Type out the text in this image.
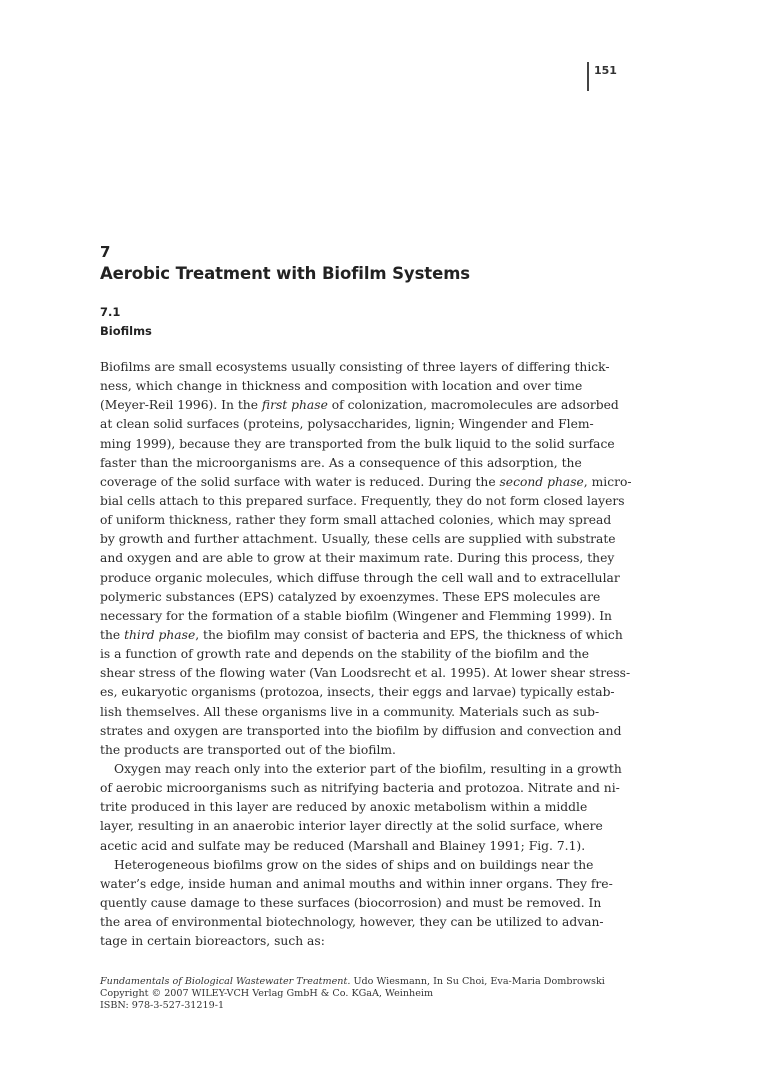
151
7
Aerobic Treatment with Biofilm Systems
7.1
Biofilms
Biofilms are small ecosystems usually consisting of three layers of differing thick-
ness, which change in thickness and composition with location and over time
(Meyer-Reil 1996). In the first phase of colonization, macromolecules are adsorbed
at clean solid surfaces (proteins, polysaccharides, lignin; Wingender and Flem-
ming 1999), because they are transported from the bulk liquid to the solid surface
faster than the microorganisms are. As a consequence of this adsorption, the
coverage of the solid surface with water is reduced. During the second phase, micro-
bial cells attach to this prepared surface. Frequently, they do not form closed layers
of uniform thickness, rather they form small attached colonies, which may spread
by growth and further attachment. Usually, these cells are supplied with substrate
and oxygen and are able to grow at their maximum rate. During this process, they
produce organic molecules, which diffuse through the cell wall and to extracellular
polymeric substances (EPS) catalyzed by exoenzymes. These EPS molecules are
necessary for the formation of a stable biofilm (Wingener and Flemming 1999). In
the third phase, the biofilm may consist of bacteria and EPS, the thickness of which
is a function of growth rate and depends on the stability of the biofilm and the
shear stress of the flowing water (Van Loodsrecht et al. 1995). At lower shear stress-
es, eukaryotic organisms (protozoa, insects, their eggs and larvae) typically estab-
lish themselves. All these organisms live in a community. Materials such as sub-
strates and oxygen are transported into the biofilm by diffusion and convection and
the products are transported out of the biofilm.
Oxygen may reach only into the exterior part of the biofilm, resulting in a growth
of aerobic microorganisms such as nitrifying bacteria and protozoa. Nitrate and ni-
trite produced in this layer are reduced by anoxic metabolism within a middle
layer, resulting in an anaerobic interior layer directly at the solid surface, where
acetic acid and sulfate may be reduced (Marshall and Blainey 1991; Fig. 7.1).
Heterogeneous biofilms grow on the sides of ships and on buildings near the
water’s edge, inside human and animal mouths and within inner organs. They fre-
quently cause damage to these surfaces (biocorrosion) and must be removed. In
the area of environmental biotechnology, however, they can be utilized to advan-
tage in certain bioreactors, such as:
Fundamentals of Biological Wastewater Treatment. Udo Wiesmann, In Su Choi, Eva-Maria Dombrowski
Copyright © 2007 WILEY-VCH Verlag GmbH & Co. KGaA, Weinheim
ISBN: 978-3-527-31219-1
